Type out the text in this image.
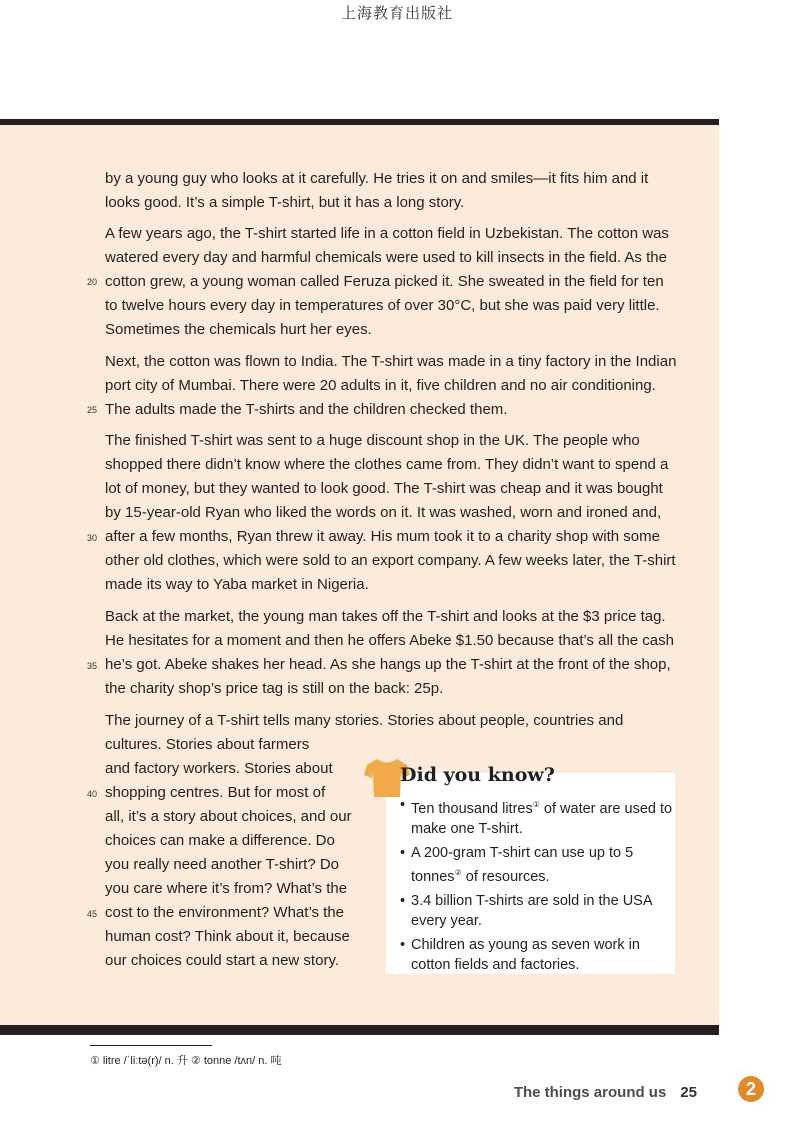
上海教育出版社
20
25
30
35
40
45
by a young guy who looks at it carefully. He tries it on and smiles—it fits him and it
looks good. It’s a simple T-shirt, but it has a long story.
A few years ago, the T-shirt started life in a cotton field in Uzbekistan. The cotton was
watered every day and harmful chemicals were used to kill insects in the field. As the
cotton grew, a young woman called Feruza picked it. She sweated in the field for ten
to twelve hours every day in temperatures of over 30°C, but she was paid very little.
Sometimes the chemicals hurt her eyes.
Next, the cotton was flown to India. The T-shirt was made in a tiny factory in the Indian
port city of Mumbai. There were 20 adults in it, five children and no air conditioning.
The adults made the T-shirts and the children checked them.
The finished T-shirt was sent to a huge discount shop in the UK. The people who
shopped there didn’t know where the clothes came from. They didn’t want to spend a
lot of money, but they wanted to look good. The T-shirt was cheap and it was bought
by 15-year-old Ryan who liked the words on it. It was washed, worn and ironed and,
after a few months, Ryan threw it away. His mum took it to a charity shop with some
other old clothes, which were sold to an export company. A few weeks later, the T-shirt
made its way to Yaba market in Nigeria.
Back at the market, the young man takes off the T-shirt and looks at the $3 price tag.
He hesitates for a moment and then he offers Abeke $1.50 because that’s all the cash
he’s got. Abeke shakes her head. As she hangs up the T-shirt at the front of the shop,
the charity shop’s price tag is still on the back: 25p.
The journey of a T-shirt tells many stories. Stories about people, countries and
cultures. Stories about farmers
and factory workers. Stories about
shopping centres. But for most of
all, it’s a story about choices, and our
choices can make a difference. Do
you really need another T-shirt? Do
you care where it’s from? What’s the
cost to the environment? What’s the
human cost? Think about it, because
our choices could start a new story.
Did you know?
• Ten thousand litres① of water are used to
make one T-shirt.
• A 200-gram T-shirt can use up to 5
tonnes② of resources.
• 3.4 billion T-shirts are sold in the USA
every year.
• Children as young as seven work in
cotton fields and factories.
① litre /ˈliːtə(r)/ n. 升 ② tonne /tʌn/ n. 吨
The things around us 25	2
